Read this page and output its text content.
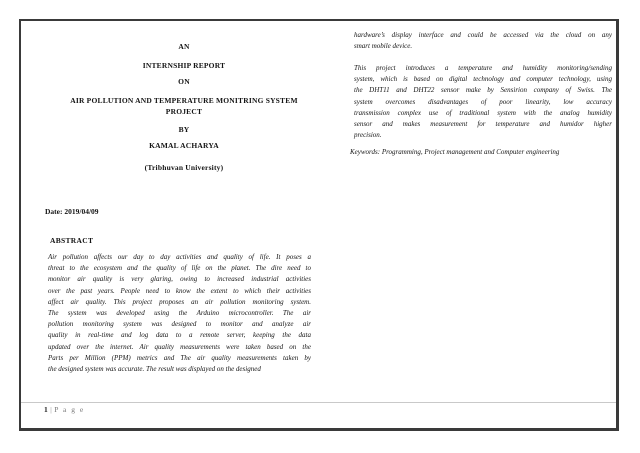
AN
INTERNSHIP REPORT
ON
AIR POLLUTION AND TEMPERATURE MONITRING SYSTEM
PROJECT
BY
KAMAL ACHARYA
(Tribhuvan University)
Date: 2019/04/09
ABSTRACT
Air pollution affects our day to day activities and quality of life. It poses a
threat to the ecosystem and the quality of life on the planet. The dire need to
monitor air quality is very glaring, owing to increased industrial activities
over the past years. People need to know the extent to which their activities
affect air quality. This project proposes an air pollution monitoring system.
The system was developed using the Arduino microcontroller. The air
pollution monitoring system was designed to monitor and analyze air
quality in real-time and log data to a remote server, keeping the data
updated over the internet. Air quality measurements were taken based on the
Parts per Million (PPM) metrics and The air quality measurements taken by
the designed system was accurate. The result was displayed on the designed
hardware’s display interface and could be accessed via the cloud on any
smart mobile device.
This project introduces a temperature and humidity monitoring/sending
system, which is based on digital technology and computer technology, using
the DHT11 and DHT22 sensor make by Sensirion company of Swiss. The
system overcomes disadvantages of poor linearity, low accuracy
transmission complex use of traditional system with the analog humidity
sensor and makes measurement for temperature and humidor higher
precision.
Keywords: Programming, Project management and Computer engineering
1 | P a g e
